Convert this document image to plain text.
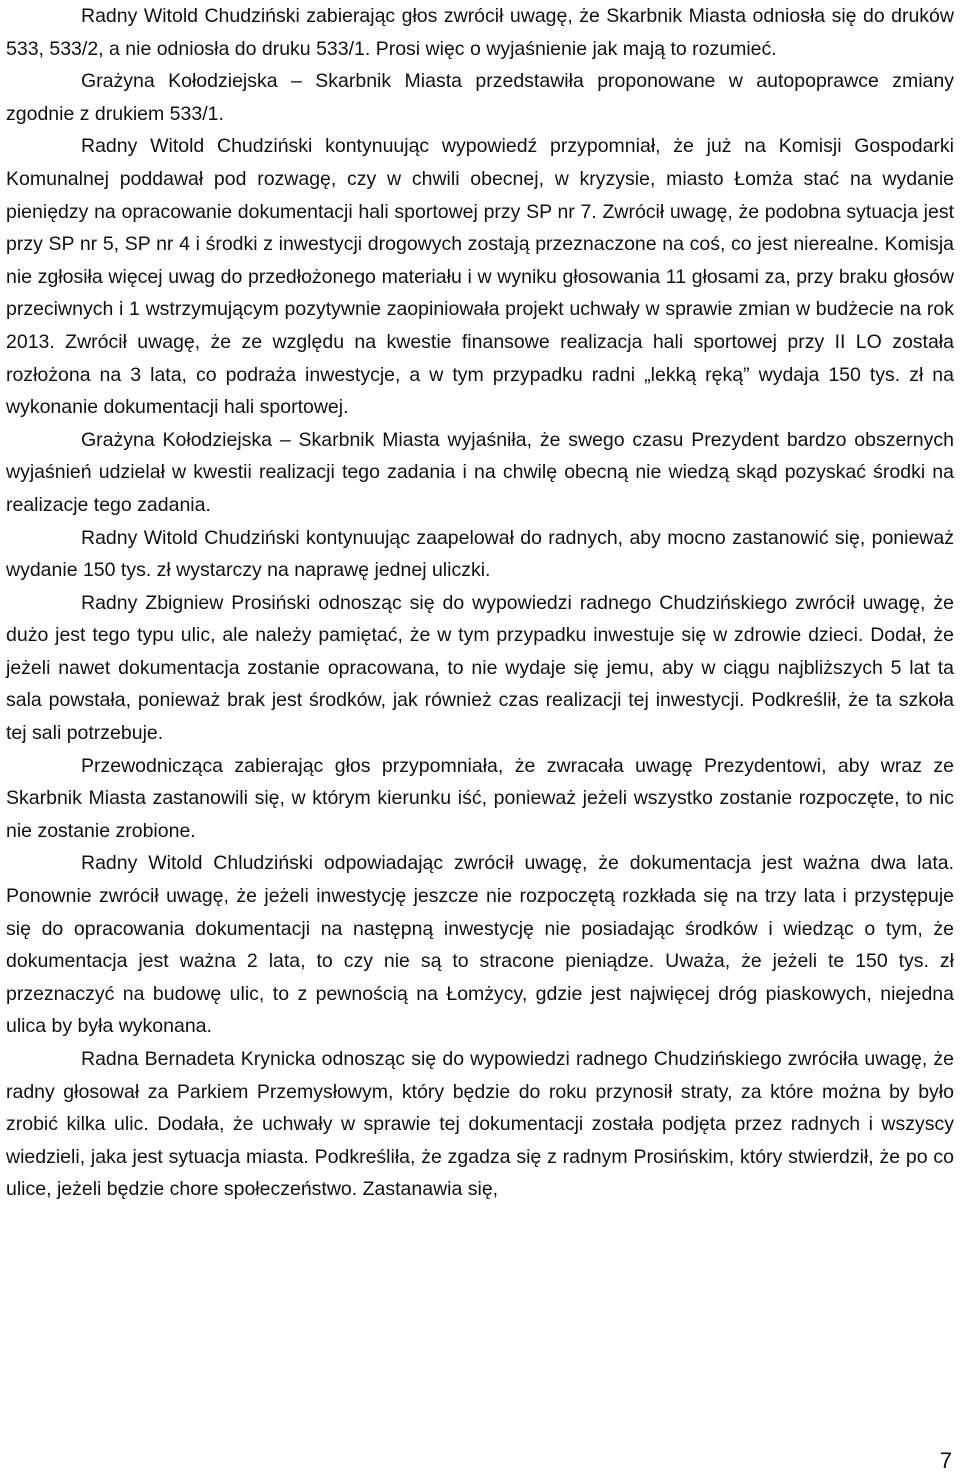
Radny Witold Chudziński zabierając głos zwrócił uwagę, że Skarbnik Miasta odniosła się do druków 533, 533/2, a nie odniosła do druku 533/1. Prosi więc o wyjaśnienie jak mają to rozumieć.

Grażyna Kołodziejska – Skarbnik Miasta przedstawiła proponowane w autopoprawce zmiany zgodnie z drukiem 533/1.

Radny Witold Chudziński kontynuując wypowiedź przypomniał, że już na Komisji Gospodarki Komunalnej poddawał pod rozwagę, czy w chwili obecnej, w kryzysie, miasto Łomża stać na wydanie pieniędzy na opracowanie dokumentacji hali sportowej przy SP nr 7. Zwrócił uwagę, że podobna sytuacja jest przy SP nr 5, SP nr 4 i środki z inwestycji drogowych zostają przeznaczone na coś, co jest nierealne. Komisja nie zgłosiła więcej uwag do przedłożonego materiału i w wyniku głosowania 11 głosami za, przy braku głosów przeciwnych i 1 wstrzymującym pozytywnie zaopiniowała projekt uchwały w sprawie zmian w budżecie na rok 2013. Zwrócił uwagę, że ze względu na kwestie finansowe realizacja hali sportowej przy II LO została rozłożona na 3 lata, co podraża inwestycje, a w tym przypadku radni „lekką ręką” wydaja 150 tys. zł na wykonanie dokumentacji hali sportowej.

Grażyna Kołodziejska – Skarbnik Miasta wyjaśniła, że swego czasu Prezydent bardzo obszernych wyjaśnień udzielał w kwestii realizacji tego zadania i na chwilę obecną nie wiedzą skąd pozyskać środki na realizacje tego zadania.

Radny Witold Chudziński kontynuując zaapelował do radnych, aby mocno zastanowić się, ponieważ wydanie 150 tys. zł wystarczy na naprawę jednej uliczki.

Radny Zbigniew Prosiński odnosząc się do wypowiedzi radnego Chudzińskiego zwrócił uwagę, że dużo jest tego typu ulic, ale należy pamiętać, że w tym przypadku inwestuje się w zdrowie dzieci. Dodał, że jeżeli nawet dokumentacja zostanie opracowana, to nie wydaje się jemu, aby w ciągu najbliższych 5 lat ta sala powstała, ponieważ brak jest środków, jak również czas realizacji tej inwestycji. Podkreślił, że ta szkoła tej sali potrzebuje.

Przewodnicząca zabierając głos przypomniała, że zwracała uwagę Prezydentowi, aby wraz ze Skarbnik Miasta zastanowili się, w którym kierunku iść, ponieważ jeżeli wszystko zostanie rozpoczęte, to nic nie zostanie zrobione.

Radny Witold Chludziński odpowiadając zwrócił uwagę, że dokumentacja jest ważna dwa lata. Ponownie zwrócił uwagę, że jeżeli inwestycję jeszcze nie rozpoczętą rozkłada się na trzy lata i przystępuje się do opracowania dokumentacji na następną inwestycję nie posiadając środków i wiedząc o tym, że dokumentacja jest ważna 2 lata, to czy nie są to stracone pieniądze. Uważa, że jeżeli te 150 tys. zł przeznaczyć na budowę ulic, to z pewnością na Łomżycy, gdzie jest najwięcej dróg piaskowych, niejedna ulica by była wykonana.

Radna Bernadeta Krynicka odnosząc się do wypowiedzi radnego Chudzińskiego zwróciła uwagę, że radny głosował za Parkiem Przemysłowym, który będzie do roku przynosił straty, za które można by było zrobić kilka ulic. Dodała, że uchwały w sprawie tej dokumentacji została podjęta przez radnych i wszyscy wiedzieli, jaka jest sytuacja miasta. Podkreśliła, że zgadza się z radnym Prosińskim, który stwierdził, że po co ulice, jeżeli będzie chore społeczeństwo. Zastanawia się,

7
